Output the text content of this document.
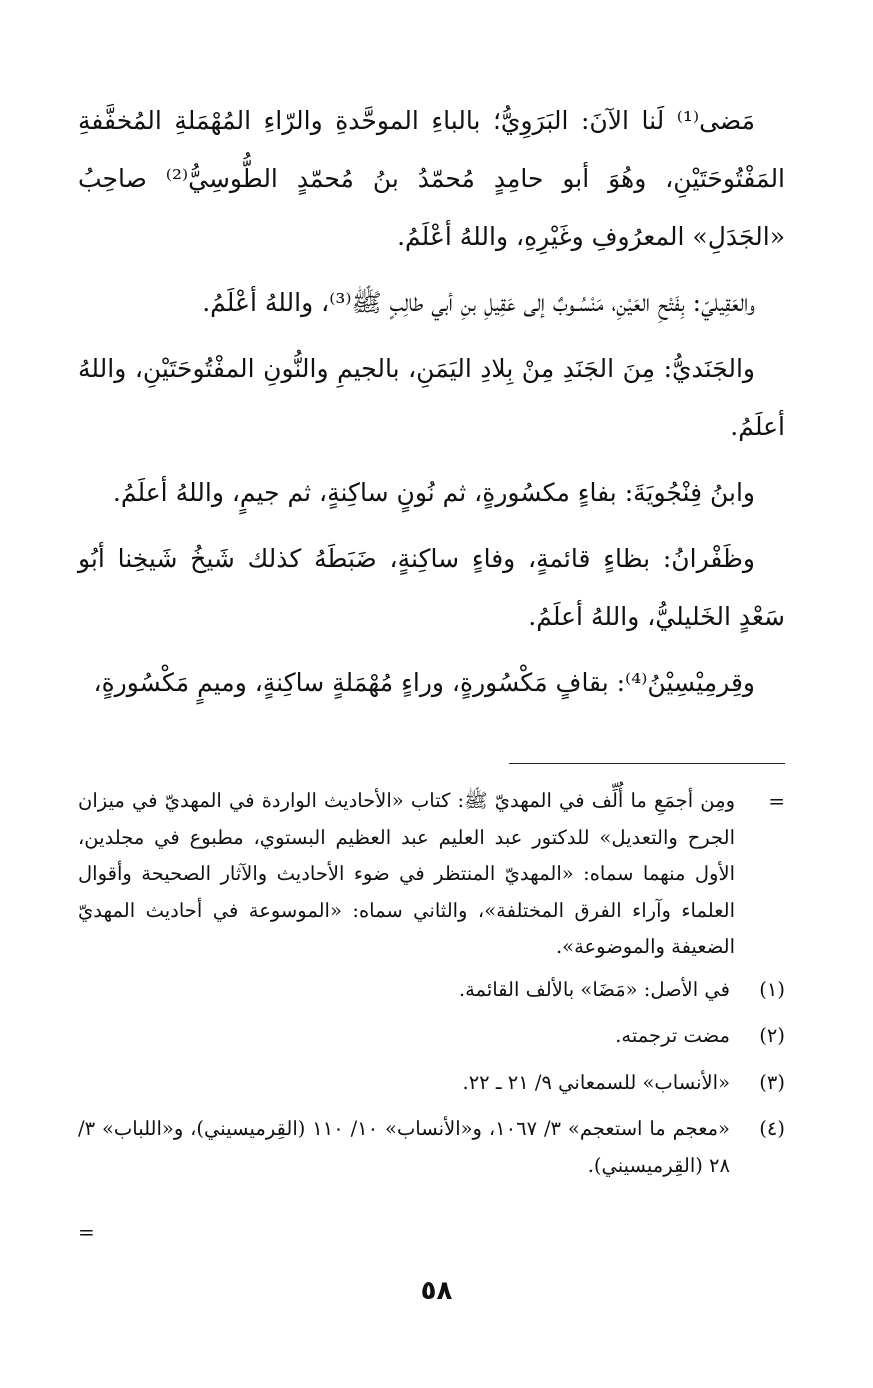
مَضى⁽¹⁾ لَنا الآنَ: البَرَوِيُّ؛ بالباءِ الموحَّدةِ والرّاءِ المُهْمَلةِ المُخفَّفةِ المَفْتُوحَتَيْنِ، وهُوَ أبو حامِدٍ مُحمّدُ بنُ مُحمّدٍ الطُّوسِيُّ⁽²⁾ صاحِبُ «الجَدَلِ» المعرُوفِ وغَيْرِهِ، واللهُ أعْلَمُ.

والعَقِيليّ: بِفَتْحِ العَيْنِ، مَنْسُـوبٌ إلى عَقِيلِ بنِ أبي طالِبٍ ﷺ⁽³⁾، واللهُ أعْلَمُ.

والجَنَديُّ: مِنَ الجَنَدِ مِنْ بِلادِ اليَمَنِ، بالجيمِ والنُّونِ المفْتُوحَتَيْنِ، واللهُ أعلَمُ.

وابنُ فِنْجُويَةَ: بفاءٍ مكسُورةٍ، ثم نُونٍ ساكِنةٍ، ثم جيمٍ، واللهُ أعلَمُ.

وظَفْرانُ: بظاءٍ قائمةٍ، وفاءٍ ساكِنةٍ، ضَبَطَهُ كذلك شَيخُ شَيخِنا أبُو سَعْدٍ الخَليليُّ، واللهُ أعلَمُ.

وقِرمِيْسِيْنُ⁽⁴⁾: بقافٍ مَكْسُورةٍ، وراءٍ مُهْمَلةٍ ساكِنةٍ، وميمٍ مَكْسُورةٍ،

=
ومِن أجمَعِ ما أُلِّف في المهديّ ﷺ: كتاب «الأحاديث الواردة في المهديّ في ميزان الجرح والتعديل» للدكتور عبد العليم عبد العظيم البستوي، مطبوع في مجلدين، الأول منهما سماه: «المهديّ المنتظر في ضوء الأحاديث والآثار الصحيحة وأقوال العلماء وآراء الفرق المختلفة»، والثاني سماه: «الموسوعة في أحاديث المهديّ الضعيفة والموضوعة».
(١)
في الأصل: «مَضَا» بالألف القائمة.
(٢)
مضت ترجمته.
(٣)
«الأنساب» للسمعاني ٩/ ٢١ ـ ٢٢.
(٤)
«معجم ما استعجم» ٣/ ١٠٦٧، و«الأنساب» ١٠/ ١١٠ (القِرميسيني)، و«اللباب» ٣/ ٢٨ (القِرميسيني).
=
٥٨
